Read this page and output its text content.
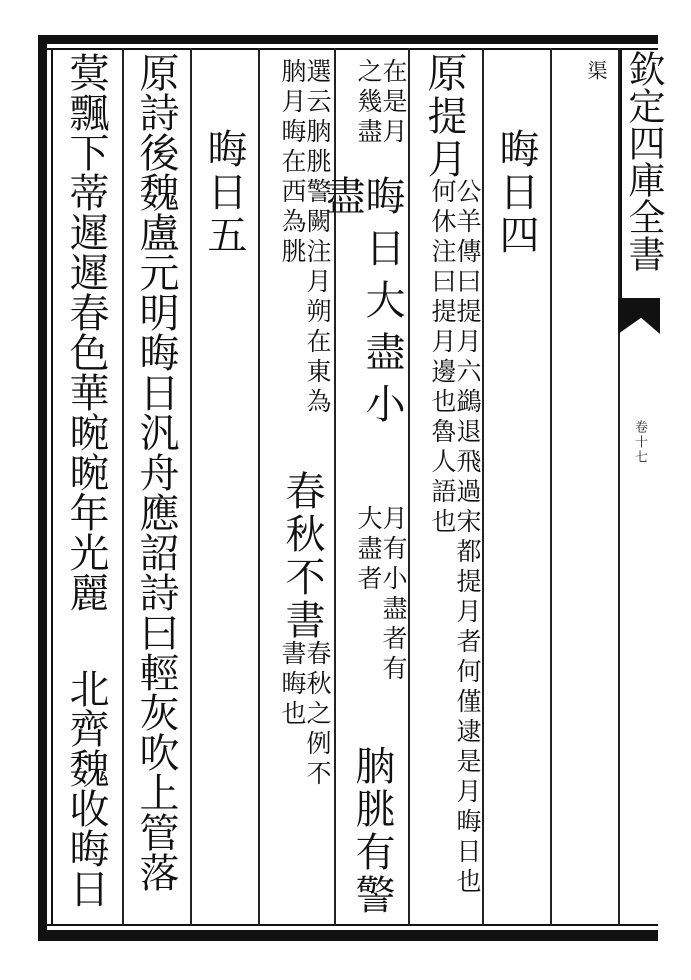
欽定四庫全書
卷十七
渠
晦日四
原提月
公羊傳曰提月六鷁退飛過宋都提月者何僅逮是月晦日也何休注曰提月邊也魯人語也
在是月之幾盡
晦日大盡小盡
月有小盡者有大盡者
朒朓有警
選云朒朓警闕注月朔在東為朒月晦在西為朓
春秋不書
春秋之例不書晦也
晦日五
原詩後魏盧元明晦日汎舟應詔詩曰輕灰吹上管落
蓂飄下蒂遲遲春色華晼晼年光麗
北齊魏收晦日
